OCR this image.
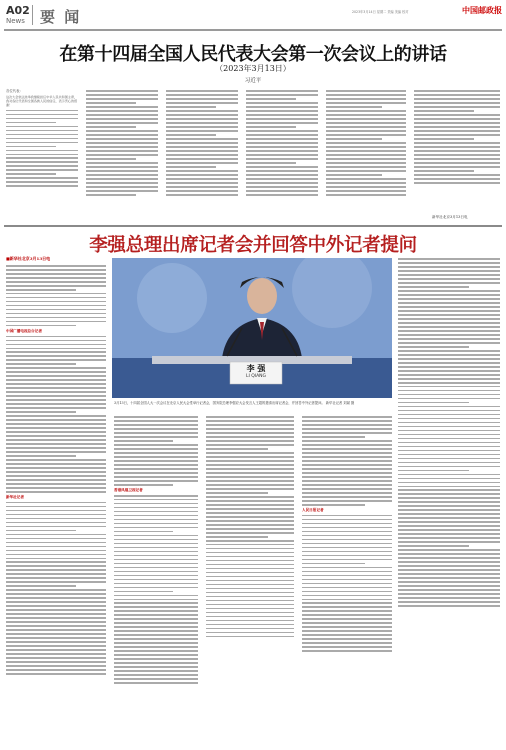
A02
News 要 闻	2023年3月14日 星期二 责编 美编 校对	中国邮政报
在第十四届全国人民代表大会第一次会议上的讲话
（2023年3月13日）
习近平
各位代表：
这次大会依法选举我继续担任中华人民共和国主席，我对各位代表和全国各族人民的信任，表示衷心的感谢！
新华社北京3月13日电
李强总理出席记者会并回答中外记者提问
■新华社北京3月13日电
中国广播电视总台记者
新华社记者
李 强
LI QIANG
3月13日，十四届全国人大一次会议在北京人民大会堂举行记者会，国务院总理李强应大会发言人王超的邀请出席记者会，并回答中外记者提问。 新华社记者 刘斌 摄
香港凤凰卫视记者
人民日报记者
